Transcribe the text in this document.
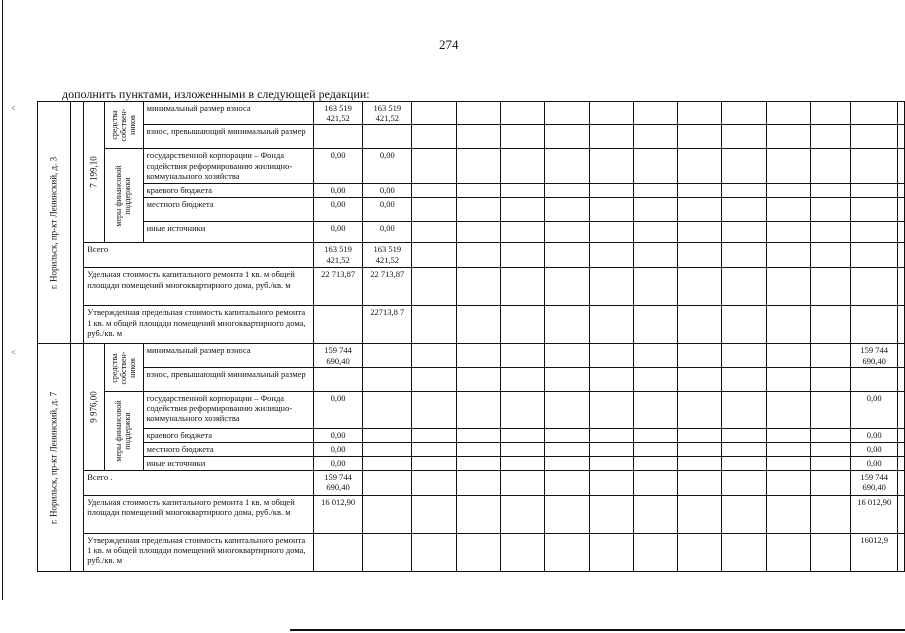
274
дополнить пунктами, изложенными в следующей редакции:
<
<
г. Норильск, пр-кт Ленинский, д. 3		7 199,10	средства собствен-ников	минимальный размер взноса	163 519 421,52	163 519 421,52												
				взнос, превышающий минимальный размер														

			меры финансовой поддержки	государственной корпорации – Фонда содействия реформированию жилищно-коммунального хозяйства	0,00	0,00												
				краевого бюджета	0,00	0,00												
				местного бюджета	0,00	0,00												
				иные источники	0,00	0,00												
		Всего			163 519 421,52	163 519 421,52												
		Удельная стоимость капитального ремонта 1 кв. м общей площади помещений многоквартирного дома, руб./кв. м			22 713,87	22 713,87												
		Утвержденная предельная стоимость капитального ремонта 1 кв. м общей площади помещений многоквартирного дома, руб./кв. м				22713,8 7												

г. Норильск, пр-кт Ленинский, д. 7		9 976,00	средства собствен-ников	минимальный размер взноса	159 744 690,40												159 744 690,40	
				взнос, превышающий минимальный размер														

			меры финансовой поддержки	государственной корпорации – Фонда содействия реформированию жилищно-коммунального хозяйства	0,00												0,00	
				краевого бюджета	0,00												0,00	
				местного бюджета	0,00												0,00	
				иные источники	0,00												0,00	
		Всего .			159 744 690,40												159 744 690,40	
		Удельная стоимость капитального ремонта 1 кв. м общей площади помещений многоквартирного дома, руб./кв. м			16 012,90												16 012,90	
		Утвержденная предельная стоимость капитального ремонта 1 кв. м общей площади помещений многоквартирного дома, руб./кв. м															16012,9	
